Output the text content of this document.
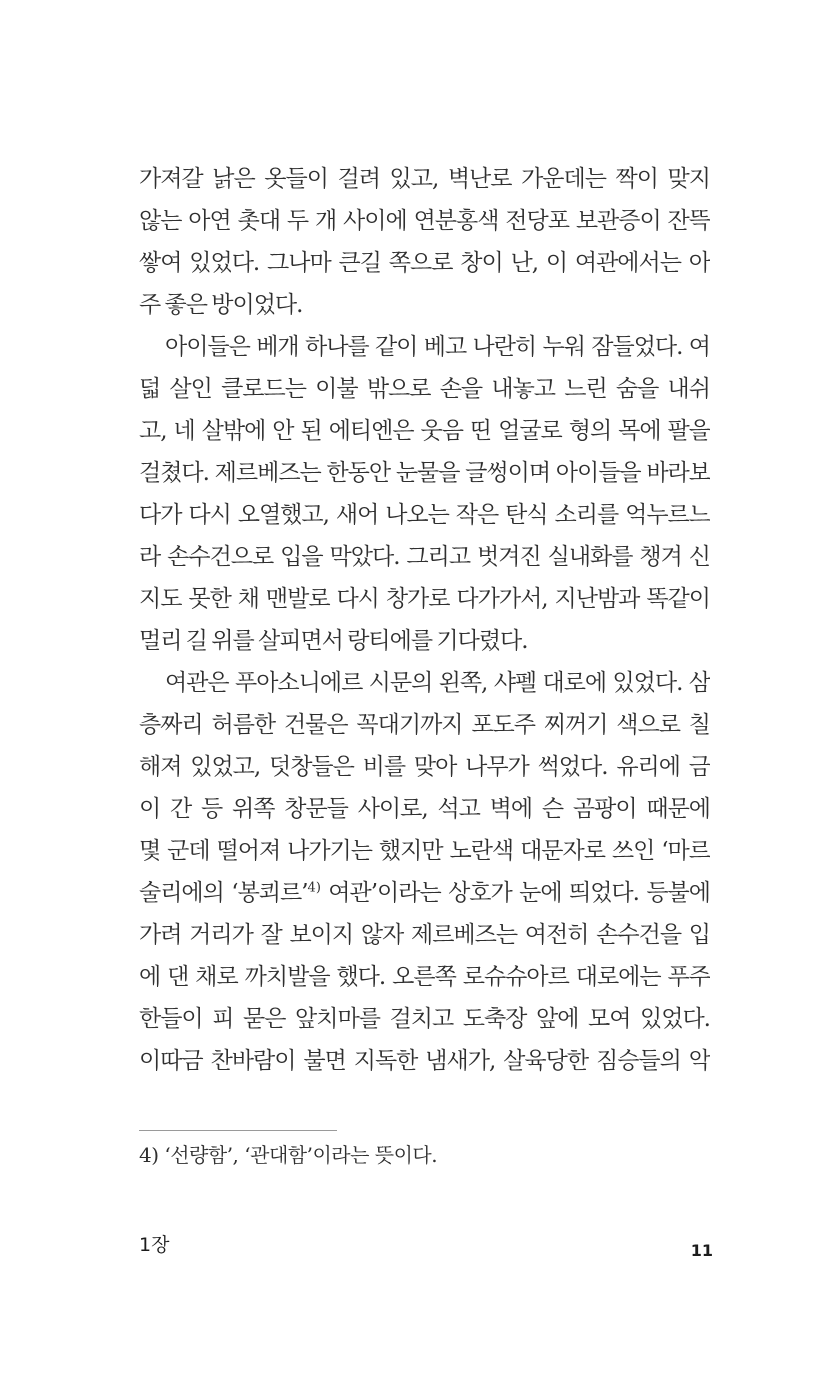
가져갈 낡은 옷들이 걸려 있고, 벽난로 가운데는 짝이 맞지

않는 아연 촛대 두 개 사이에 연분홍색 전당포 보관증이 잔뜩

쌓여 있었다. 그나마 큰길 쪽으로 창이 난, 이 여관에서는 아

주 좋은 방이었다.

아이들은 베개 하나를 같이 베고 나란히 누워 잠들었다. 여

덟 살인 클로드는 이불 밖으로 손을 내놓고 느린 숨을 내쉬

고, 네 살밖에 안 된 에티엔은 웃음 띤 얼굴로 형의 목에 팔을

걸쳤다. 제르베즈는 한동안 눈물을 글썽이며 아이들을 바라보

다가 다시 오열했고, 새어 나오는 작은 탄식 소리를 억누르느

라 손수건으로 입을 막았다. 그리고 벗겨진 실내화를 챙겨 신

지도 못한 채 맨발로 다시 창가로 다가가서, 지난밤과 똑같이

멀리 길 위를 살피면서 랑티에를 기다렸다.

여관은 푸아소니에르 시문의 왼쪽, 샤펠 대로에 있었다. 삼

층짜리 허름한 건물은 꼭대기까지 포도주 찌꺼기 색으로 칠

해져 있었고, 덧창들은 비를 맞아 나무가 썩었다. 유리에 금

이 간 등 위쪽 창문들 사이로, 석고 벽에 슨 곰팡이 때문에

몇 군데 떨어져 나가기는 했지만 노란색 대문자로 쓰인 ‘마르

술리에의 ‘봉쾨르’$^{4)}$ 여관’이라는 상호가 눈에 띄었다. 등불에

가려 거리가 잘 보이지 않자 제르베즈는 여전히 손수건을 입

에 댄 채로 까치발을 했다. 오른쪽 로슈슈아르 대로에는 푸주

한들이 피 묻은 앞치마를 걸치고 도축장 앞에 모여 있었다.

이따금 찬바람이 불면 지독한 냄새가, 살육당한 짐승들의 악

4) ‘선량함’, ‘관대함’이라는 뜻이다.
1장	11
